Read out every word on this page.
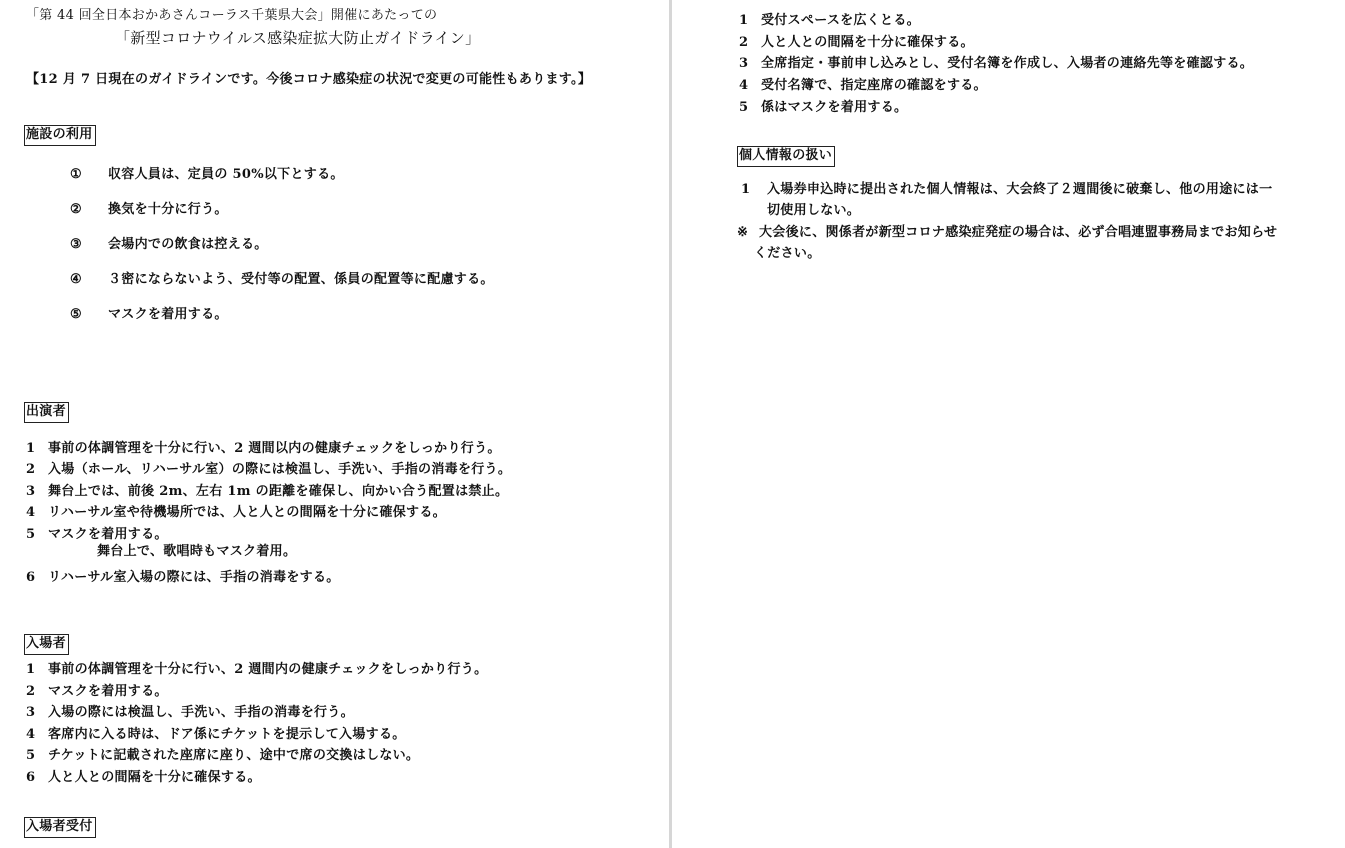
「第 44 回全日本おかあさんコーラス千葉県大会」開催にあたっての
「新型コロナウイルス感染症拡大防止ガイドライン」
【12 月 7 日現在のガイドラインです。今後コロナ感染症の状況で変更の可能性もあります。】
施設の利用
① 収容人員は、定員の 50%以下とする。
② 換気を十分に行う。
③ 会場内での飲食は控える。
④ ３密にならないよう、受付等の配置、係員の配置等に配慮する。
⑤ マスクを着用する。
出演者
1 事前の体調管理を十分に行い、2 週間以内の健康チェックをしっかり行う。
2 入場（ホール、リハーサル室）の際には検温し、手洗い、手指の消毒を行う。
3 舞台上では、前後 2m、左右 1m の距離を確保し、向かい合う配置は禁止。
4 リハーサル室や待機場所では、人と人との間隔を十分に確保する。
5 マスクを着用する。
舞台上で、歌唱時もマスク着用。
6 リハーサル室入場の際には、手指の消毒をする。
入場者
1 事前の体調管理を十分に行い、2 週間内の健康チェックをしっかり行う。
2 マスクを着用する。
3 入場の際には検温し、手洗い、手指の消毒を行う。
4 客席内に入る時は、ドア係にチケットを提示して入場する。
5 チケットに記載された座席に座り、途中で席の交換はしない。
6 人と人との間隔を十分に確保する。
入場者受付
1 受付スペースを広くとる。
2 人と人との間隔を十分に確保する。
3 全席指定・事前申し込みとし、受付名簿を作成し、入場者の連絡先等を確認する。
4 受付名簿で、指定座席の確認をする。
5 係はマスクを着用する。
個人情報の扱い
1 入場券申込時に提出された個人情報は、大会終了２週間後に破棄し、他の用途には一
切使用しない。
※ 大会後に、関係者が新型コロナ感染症発症の場合は、必ず合唱連盟事務局までお知らせ
ください。
